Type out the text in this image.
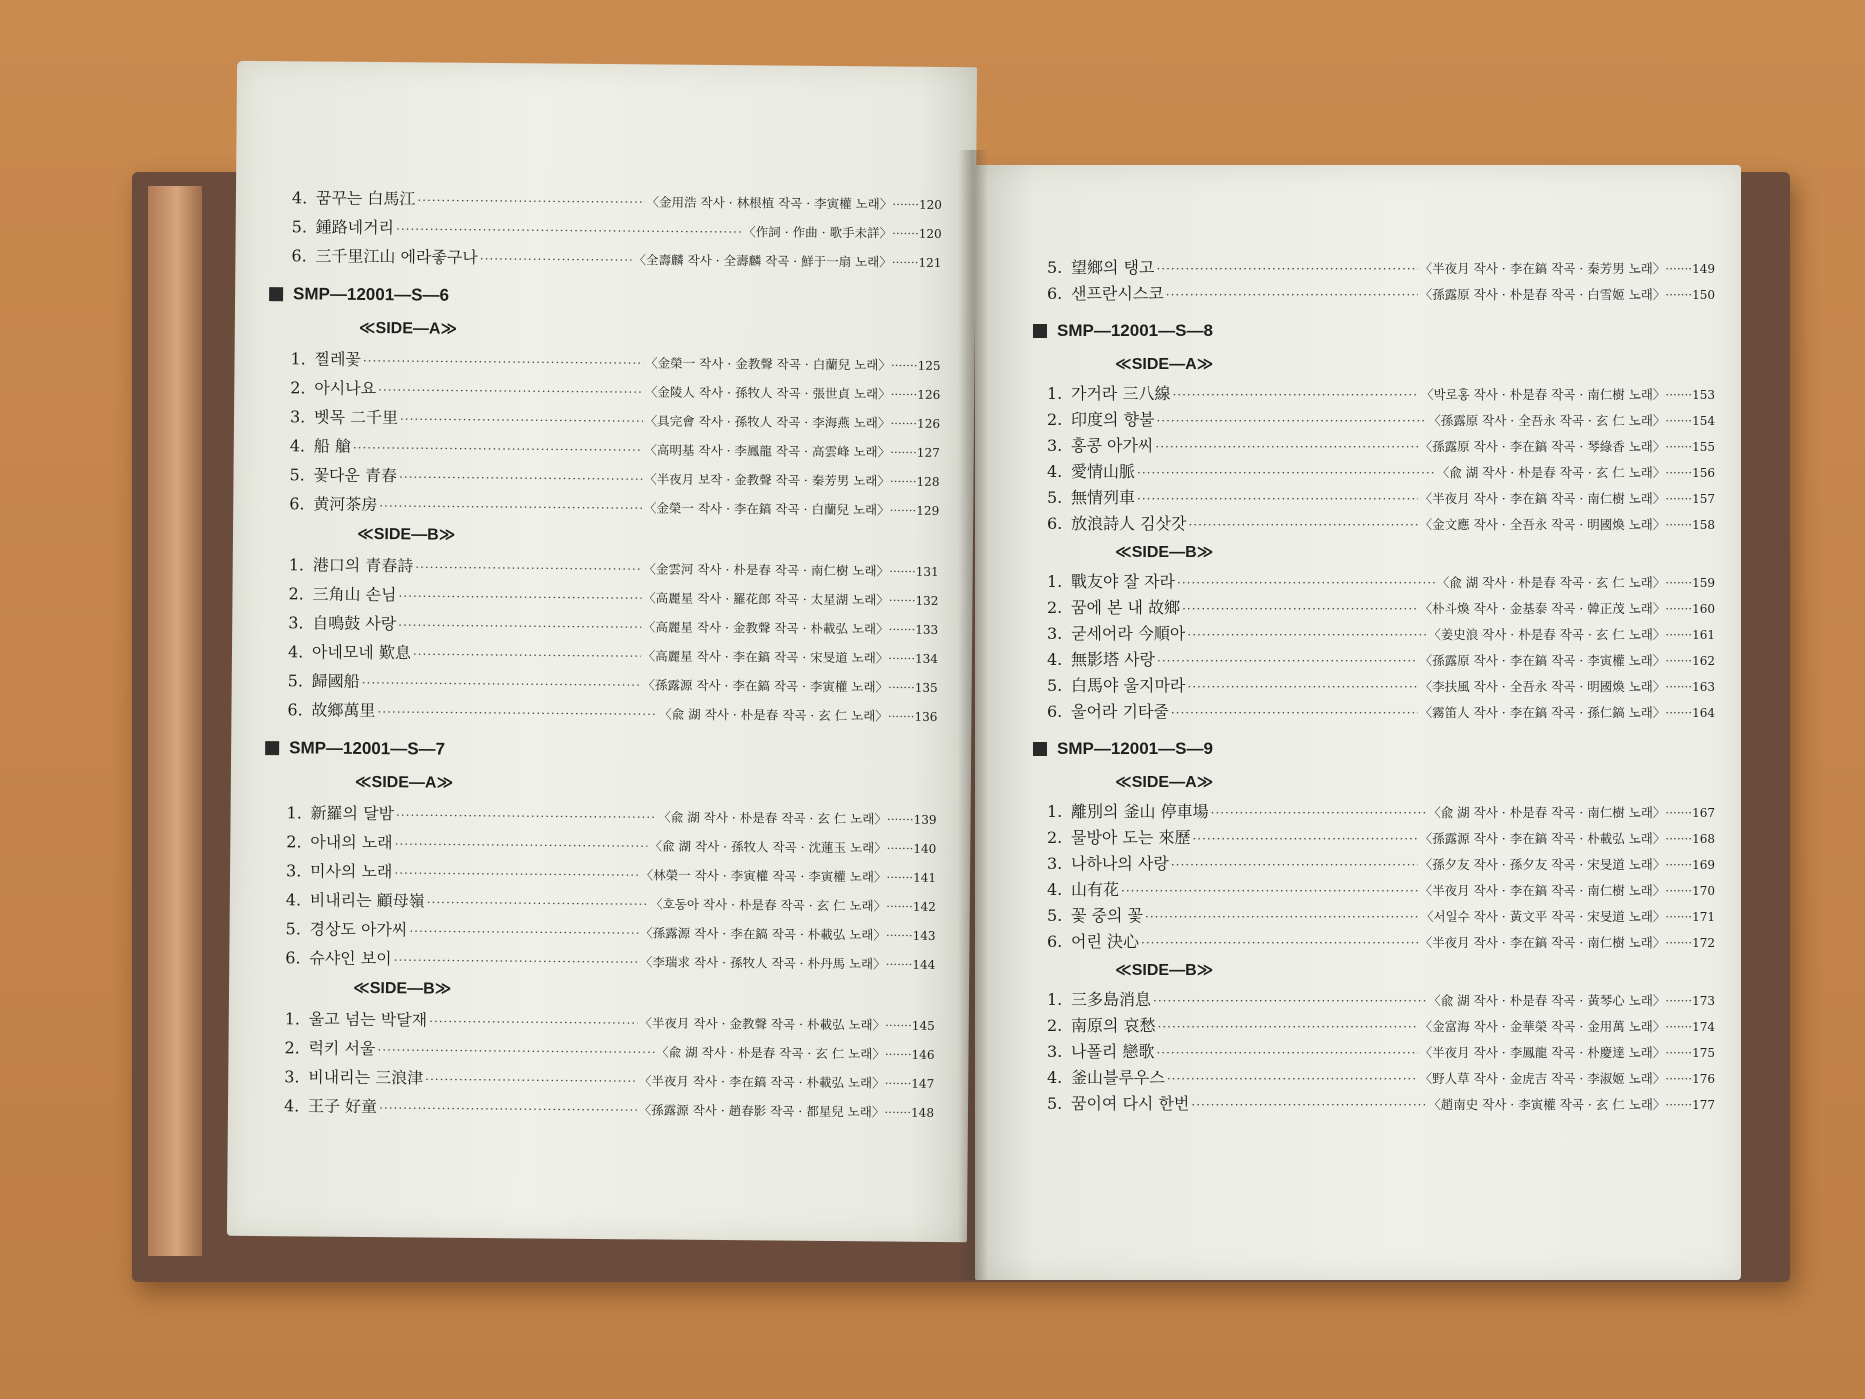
4. 꿈꾸는 白馬江 ·····	〈金用浩 작사 · 林根植 작곡 · 李寅權 노래〉	······· 120
5. 鍾路네거리 ·····	〈作詞 · 作曲 · 歌手未詳〉	······· 120
6. 三千里江山 에라좋구나 ·····	〈全壽麟 작사 · 全壽麟 작곡 · 鮮于一扇 노래〉	······· 121
SMP—12001—S—6
≪SIDE—A≫
1. 찔레꽃 ·····	〈金榮一 작사 · 金教聲 작곡 · 白蘭兒 노래〉	······· 125
2. 아시나요 ·····	〈金陵人 작사 · 孫牧人 작곡 · 張世貞 노래〉	······· 126
3. 벳목 二千里 ·····	〈具完會 작사 · 孫牧人 작곡 · 李海燕 노래〉	······· 126
4. 船 艙 ·····	〈高明基 작사 · 李鳳龍 작곡 · 高雲峰 노래〉	······· 127
5. 꽃다운 青春 ·····	〈半夜月 보작 · 金教聲 작곡 · 秦芳男 노래〉	······· 128
6. 黄河茶房 ·····	〈金榮一 작사 · 李在鎬 작곡 · 白蘭兒 노래〉	······· 129
≪SIDE—B≫
1. 港口의 青春詩 ·····	〈金雲河 작사 · 朴是春 작곡 · 南仁樹 노래〉	······· 131
2. 三角山 손님 ·····	〈高麗星 작사 · 羅花郎 작곡 · 太星湖 노래〉	······· 132
3. 自鳴鼓 사랑 ·····	〈高麗星 작사 · 金教聲 작곡 · 朴載弘 노래〉	······· 133
4. 아네모네 歎息 ·····	〈高麗星 작사 · 李在鎬 작곡 · 宋旻道 노래〉	······· 134
5. 歸國船 ·····	〈孫露源 작사 · 李在鎬 작곡 · 李寅權 노래〉	······· 135
6. 故鄉萬里 ·····	〈兪 湖 작사 · 朴是春 작곡 · 玄 仁 노래〉	······· 136
SMP—12001—S—7
≪SIDE—A≫
1. 新羅의 달밤 ·····	〈兪 湖 작사 · 朴是春 작곡 · 玄 仁 노래〉	······· 139
2. 아내의 노래 ·····	〈兪 湖 작사 · 孫牧人 작곡 · 沈蓮玉 노래〉	······· 140
3. 미사의 노래 ·····	〈林榮一 작사 · 李寅權 작곡 · 李寅權 노래〉	······· 141
4. 비내리는 顧母嶺 ·····	〈호동아 작사 · 朴是春 작곡 · 玄 仁 노래〉	······· 142
5. 경상도 아가씨 ·····	〈孫露源 작사 · 李在鎬 작곡 · 朴載弘 노래〉	······· 143
6. 슈샤인 보이 ·····	〈李瑞求 작사 · 孫牧人 작곡 · 朴丹馬 노래〉	······· 144
≪SIDE—B≫
1. 울고 넘는 박달재 ·····	〈半夜月 작사 · 金教聲 작곡 · 朴載弘 노래〉	······· 145
2. 럭키 서울 ·····	〈兪 湖 작사 · 朴是春 작곡 · 玄 仁 노래〉	······· 146
3. 비내리는 三浪津 ·····	〈半夜月 작사 · 李在鎬 작곡 · 朴載弘 노래〉	······· 147
4. 王子 好童 ·····	〈孫露源 작사 · 趙春影 작곡 · 都星兒 노래〉	······· 148
5. 望鄉의 탱고 ·····	〈半夜月 작사 · 李在鎬 작곡 · 秦芳男 노래〉	······· 149
6. 샌프란시스코 ·····	〈孫露原 작사 · 朴是春 작곡 · 白雪姬 노래〉	······· 150
SMP—12001—S—8
≪SIDE—A≫
1. 가거라 三八線 ·····	〈박로홍 작사 · 朴是春 작곡 · 南仁樹 노래〉	······· 153
2. 印度의 향불 ·····	〈孫露原 작사 · 全吾永 작곡 · 玄 仁 노래〉	······· 154
3. 홍콩 아가씨 ·····	〈孫露原 작사 · 李在鎬 작곡 · 琴綠香 노래〉	······· 155
4. 愛情山脈 ·····	〈兪 湖 작사 · 朴是春 작곡 · 玄 仁 노래〉	······· 156
5. 無情列車 ·····	〈半夜月 작사 · 李在鎬 작곡 · 南仁樹 노래〉	······· 157
6. 放浪詩人 김삿갓 ·····	〈金文應 작사 · 全吾永 작곡 · 明國煥 노래〉	······· 158
≪SIDE—B≫
1. 戰友야 잘 자라 ·····	〈兪 湖 작사 · 朴是春 작곡 · 玄 仁 노래〉	······· 159
2. 꿈에 본 내 故鄉 ·····	〈朴斗煥 작사 · 金基泰 작곡 · 韓正茂 노래〉	······· 160
3. 굳세어라 今順아 ·····	〈姜史浪 작사 · 朴是春 작곡 · 玄 仁 노래〉	······· 161
4. 無影塔 사랑 ·····	〈孫露原 작사 · 李在鎬 작곡 · 李寅權 노래〉	······· 162
5. 白馬야 울지마라 ·····	〈李扶風 작사 · 全吾永 작곡 · 明國煥 노래〉	······· 163
6. 울어라 기타줄 ·····	〈霧笛人 작사 · 李在鎬 작곡 · 孫仁鎬 노래〉	······· 164
SMP—12001—S—9
≪SIDE—A≫
1. 離別의 釜山 停車場 ·····	〈兪 湖 작사 · 朴是春 작곡 · 南仁樹 노래〉	······· 167
2. 물방아 도는 來歷 ·····	〈孫露源 작사 · 李在鎬 작곡 · 朴載弘 노래〉	······· 168
3. 나하나의 사랑 ·····	〈孫夕友 작사 · 孫夕友 작곡 · 宋旻道 노래〉	······· 169
4. 山有花 ·····	〈半夜月 작사 · 李在鎬 작곡 · 南仁樹 노래〉	······· 170
5. 꽃 중의 꽃 ·····	〈서일수 작사 · 黃文平 작곡 · 宋旻道 노래〉	······· 171
6. 어린 決心 ·····	〈半夜月 작사 · 李在鎬 작곡 · 南仁樹 노래〉	······· 172
≪SIDE—B≫
1. 三多島消息 ·····	〈兪 湖 작사 · 朴是春 작곡 · 黃琴心 노래〉	······· 173
2. 南原의 哀愁 ·····	〈金富海 작사 · 金華榮 작곡 · 金用萬 노래〉	······· 174
3. 나폴리 戀歌 ·····	〈半夜月 작사 · 李鳳龍 작곡 · 朴慶達 노래〉	······· 175
4. 釜山블루우스 ·····	〈野人草 작사 · 金虎吉 작곡 · 李淑姬 노래〉	······· 176
5. 꿈이여 다시 한번 ·····	〈趙南史 작사 · 李寅權 작곡 · 玄 仁 노래〉	······· 177
